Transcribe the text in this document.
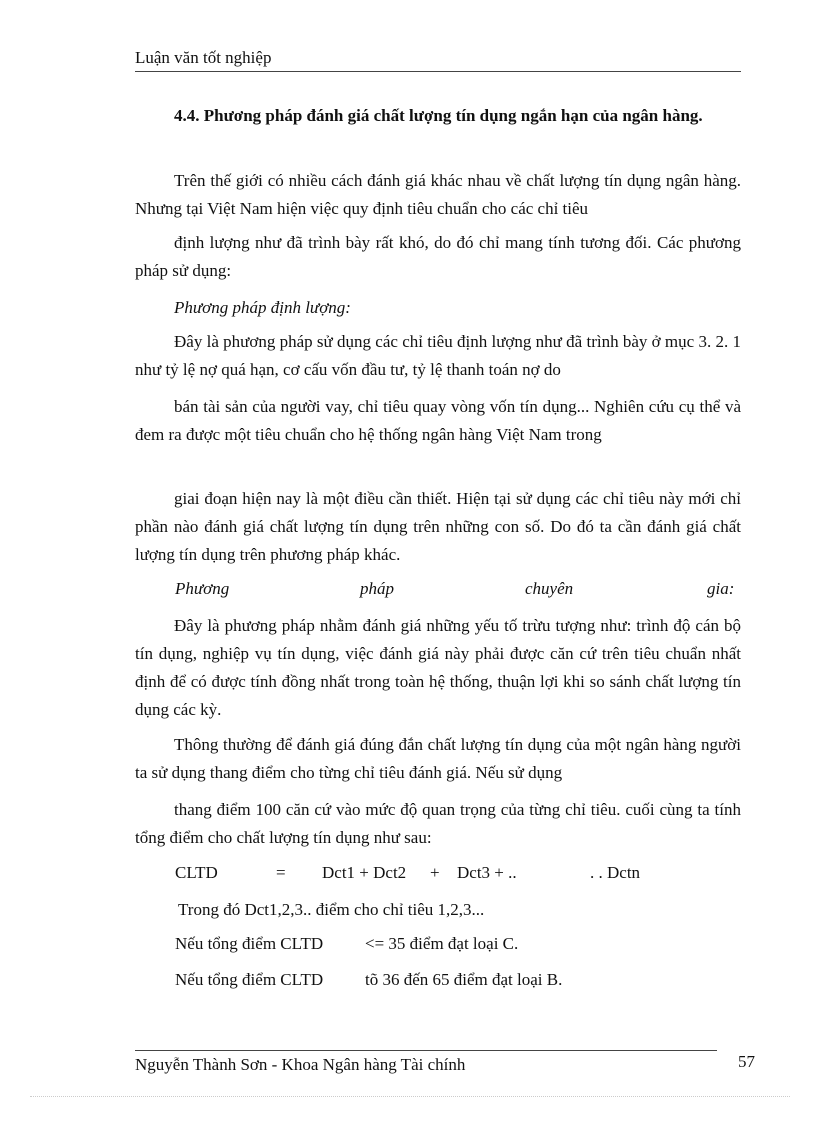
Luận văn tốt nghiệp
4.4. Phương pháp đánh giá chất lượng tín dụng ngắn hạn của ngân hàng.
Trên thế giới có nhiều cách đánh giá khác nhau về chất lượng tín dụng ngân hàng. Nhưng tại Việt Nam hiện việc quy định tiêu chuẩn cho các chỉ tiêu
định lượng như đã trình bày rất khó, do đó chỉ mang tính tương đối. Các phương pháp sử dụng:
Phương pháp định lượng:
Đây là phương pháp sử dụng các chỉ tiêu định lượng như đã trình bày ở mục 3. 2. 1 như tỷ lệ nợ quá hạn, cơ cấu vốn đầu tư, tỷ lệ thanh toán nợ do
bán tài sản của người vay, chỉ tiêu quay vòng vốn tín dụng... Nghiên cứu cụ thể và đem ra được một tiêu chuẩn cho hệ thống ngân hàng Việt Nam trong
giai đoạn hiện nay là một điều cần thiết. Hiện tại sử dụng các chỉ tiêu này mới chỉ phần nào đánh giá chất lượng tín dụng trên những con số. Do đó ta cần đánh giá chất lượng tín dụng trên phương pháp khác.
Phương	pháp	chuyên	gia:
Đây là phương pháp nhằm đánh giá những yếu tố trừu tượng như: trình độ cán bộ tín dụng, nghiệp vụ tín dụng, việc đánh giá này phải được căn cứ trên tiêu chuẩn nhất định để có được tính đồng nhất trong toàn hệ thống, thuận lợi khi so sánh chất lượng tín dụng các kỳ.
Thông thường để đánh giá đúng đắn chất lượng tín dụng của một ngân hàng người ta sử dụng thang điểm cho từng chỉ tiêu đánh giá. Nếu sử dụng
thang điểm 100 căn cứ vào mức độ quan trọng của từng chỉ tiêu. cuối cùng ta tính tổng điểm cho chất lượng tín dụng như sau:
CLTD	= Dct1 + Dct2 + Dct3 + ..	. . Dctn
Trong đó Dct1,2,3.. điểm cho chỉ tiêu 1,2,3...
Nếu tổng điểm CLTD <= 35 điểm đạt loại C.
Nếu tổng điểm CLTD tõ 36 đến 65 điểm đạt loại B.
Nguyễn Thành Sơn - Khoa Ngân hàng Tài chính	57
